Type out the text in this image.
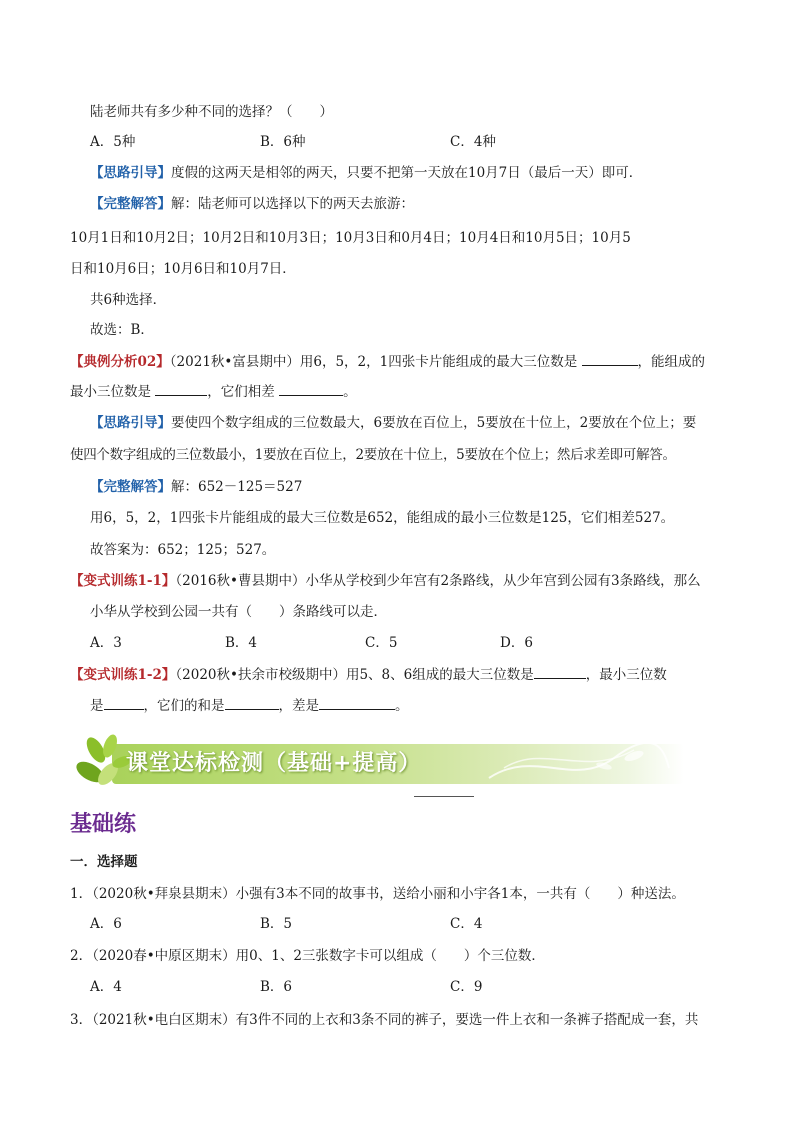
陆老师共有多少种不同的选择？（　　）
A．5种	B．6种	C．4种
【思路引导】度假的这两天是相邻的两天，只要不把第一天放在10月7日（最后一天）即可．
【完整解答】解：陆老师可以选择以下的两天去旅游：
10月1日和10月2日；10月2日和10月3日；10月3日和0月4日；10月4日和10月5日；10月5
日和10月6日；10月6日和10月7日．
共6种选择．
故选：B．
【典例分析02】（2021秋•富县期中）用6，5，2，1四张卡片能组成的最大三位数是	，能组成的
最小三位数是	，它们相差	。
【思路引导】要使四个数字组成的三位数最大，6要放在百位上，5要放在十位上，2要放在个位上；要
使四个数字组成的三位数最小，1要放在百位上，2要放在十位上，5要放在个位上；然后求差即可解答。
【完整解答】解：652－125＝527
用6，5，2，1四张卡片能组成的最大三位数是652，能组成的最小三位数是125，它们相差527。
故答案为：652；125；527。
【变式训练1-1】（2016秋•曹县期中）小华从学校到少年宫有2条路线，从少年宫到公园有3条路线，那么
小华从学校到公园一共有（　　）条路线可以走．
A．3	B．4	C．5	D．6
【变式训练1-2】（2020秋•扶余市校级期中）用5、8、6组成的最大三位数是	，最小三位数
是	，它们的和是	，差是	。
课堂达标检测（基础+提高）
基础练
一．选择题
1．（2020秋•拜泉县期末）小强有3本不同的故事书，送给小丽和小宇各1本，一共有（　　）种送法。
A．6	B．5	C．4
2．（2020春•中原区期末）用0、1、2三张数字卡可以组成（　　）个三位数．
A．4	B．6	C．9
3．（2021秋•电白区期末）有3件不同的上衣和3条不同的裤子，要选一件上衣和一条裤子搭配成一套，共
